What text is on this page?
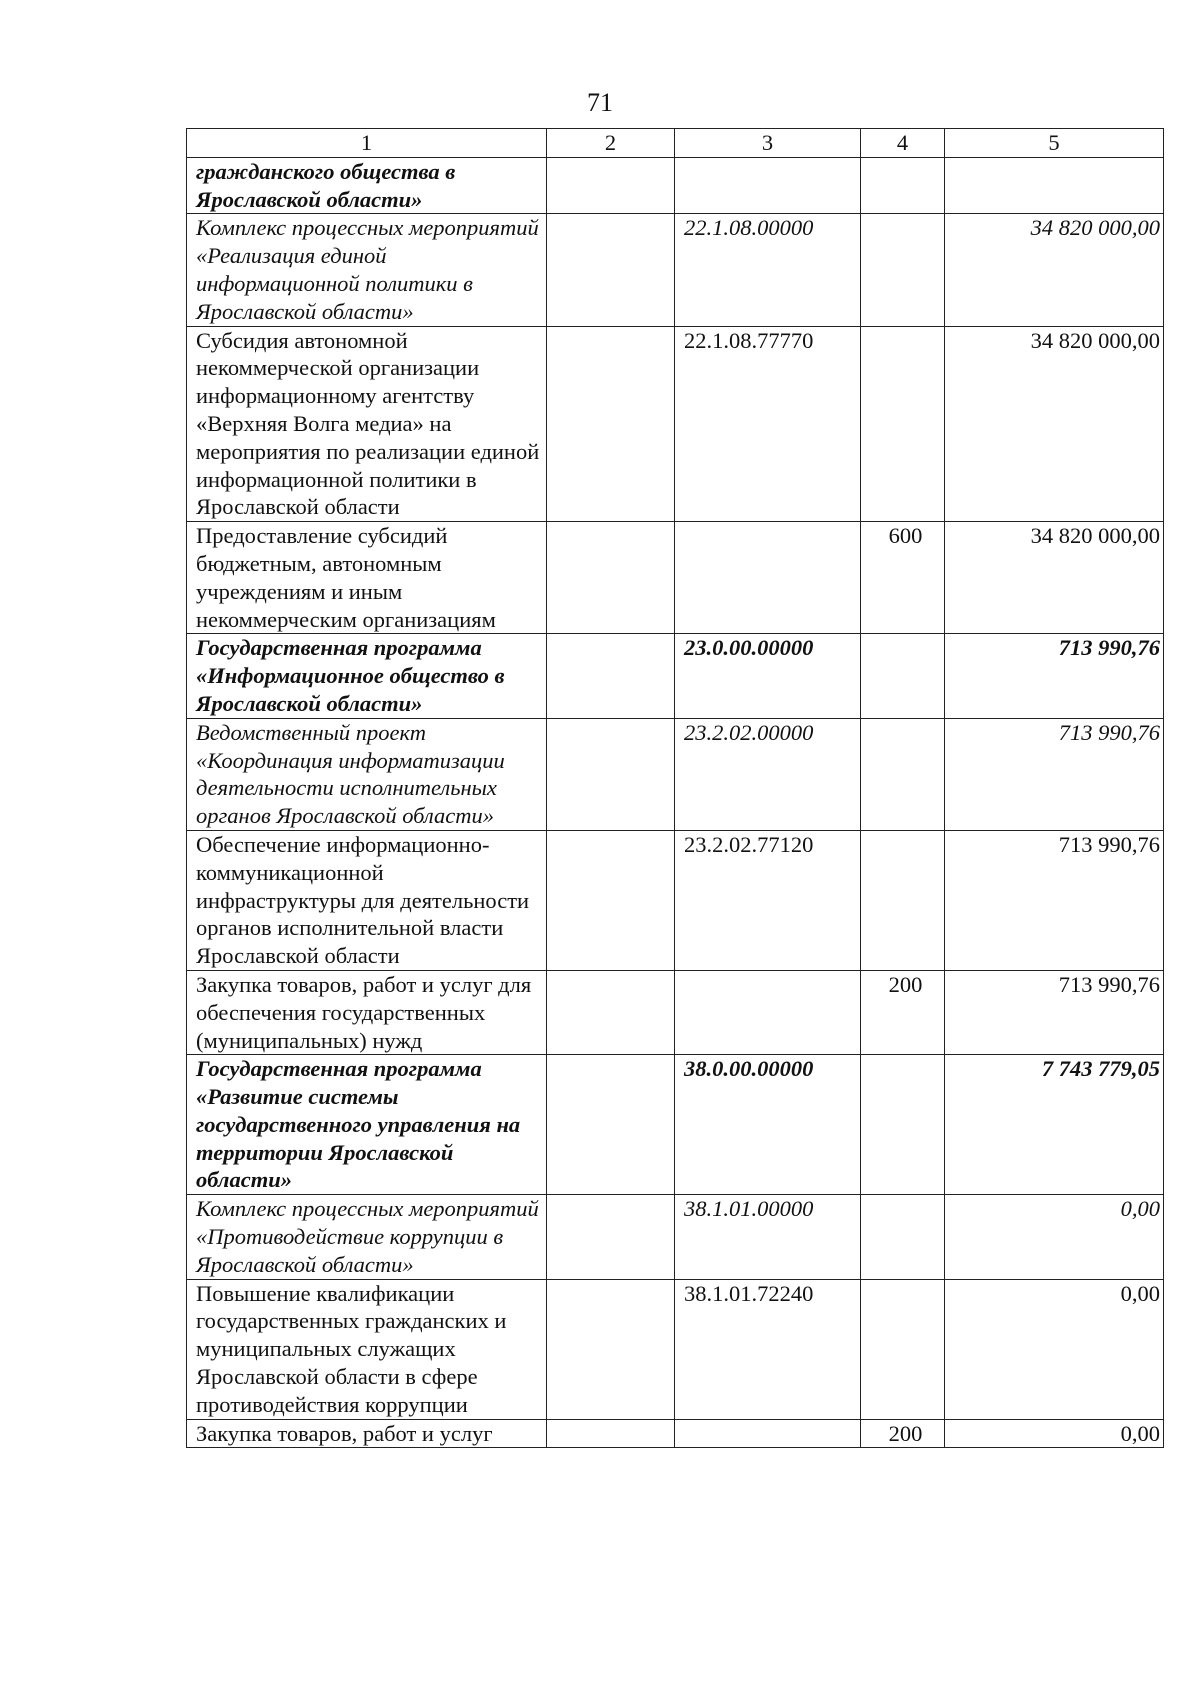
71
1	2	3	4	5
гражданского общества в Ярославской области»				
Комплекс процессных мероприятий «Реализация единой информационной политики в Ярославской области»		22.1.08.00000		34 820 000,00
Субсидия автономной некоммерческой организации информационному агентству «Верхняя Волга медиа» на мероприятия по реализации единой информационной политики в Ярославской области		22.1.08.77770		34 820 000,00
Предоставление субсидий бюджетным, автономным учреждениям и иным некоммерческим организациям			600	34 820 000,00
Государственная программа «Информационное общество в Ярославской области»		23.0.00.00000		713 990,76
Ведомственный проект «Координация информатизации деятельности исполнительных органов Ярославской области»		23.2.02.00000		713 990,76
Обеспечение информационно-коммуникационной инфраструктуры для деятельности органов исполнительной власти Ярославской области		23.2.02.77120		713 990,76
Закупка товаров, работ и услуг для обеспечения государственных (муниципальных) нужд			200	713 990,76
Государственная программа «Развитие системы государственного управления на территории Ярославской области»		38.0.00.00000		7 743 779,05
Комплекс процессных мероприятий «Противодействие коррупции в Ярославской области»		38.1.01.00000		0,00
Повышение квалификации государственных гражданских и муниципальных служащих Ярославской области в сфере противодействия коррупции		38.1.01.72240		0,00
Закупка товаров, работ и услуг			200	0,00
